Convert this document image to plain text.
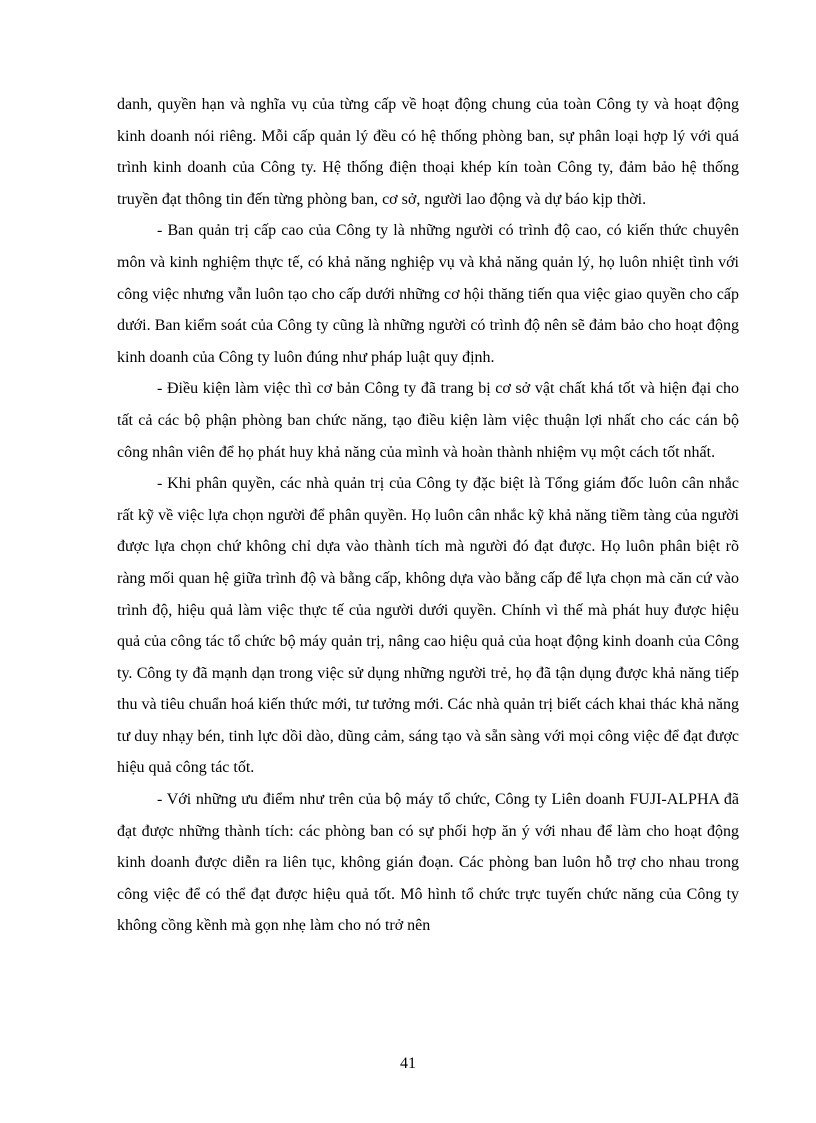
danh, quyền hạn và nghĩa vụ của từng cấp về hoạt động chung của toàn Công ty và hoạt động kinh doanh nói riêng. Mỗi cấp quản lý đều có hệ thống phòng ban, sự phân loại hợp lý với quá trình kinh doanh của Công ty. Hệ thống điện thoại khép kín toàn Công ty, đảm bảo hệ thống truyền đạt thông tin đến từng phòng ban, cơ sở, người lao động và dự báo kịp thời.

- Ban quản trị cấp cao của Công ty là những người có trình độ cao, có kiến thức chuyên môn và kinh nghiệm thực tế, có khả năng nghiệp vụ và khả năng quản lý, họ luôn nhiệt tình với công việc nhưng vẫn luôn tạo cho cấp dưới những cơ hội thăng tiến qua việc giao quyền cho cấp dưới. Ban kiểm soát của Công ty cũng là những người có trình độ nên sẽ đảm bảo cho hoạt động kinh doanh của Công ty luôn đúng như pháp luật quy định.

- Điều kiện làm việc thì cơ bản Công ty đã trang bị cơ sở vật chất khá tốt và hiện đại cho tất cả các bộ phận phòng ban chức năng, tạo điều kiện làm việc thuận lợi nhất cho các cán bộ công nhân viên để họ phát huy khả năng của mình và hoàn thành nhiệm vụ một cách tốt nhất.

- Khi phân quyền, các nhà quản trị của Công ty đặc biệt là Tổng giám đốc luôn cân nhắc rất kỹ về việc lựa chọn người để phân quyền. Họ luôn cân nhắc kỹ khả năng tiềm tàng của người được lựa chọn chứ không chỉ dựa vào thành tích mà người đó đạt được. Họ luôn phân biệt rõ ràng mối quan hệ giữa trình độ và bằng cấp, không dựa vào bằng cấp để lựa chọn mà căn cứ vào trình độ, hiệu quả làm việc thực tế của người dưới quyền. Chính vì thế mà phát huy được hiệu quả của công tác tổ chức bộ máy quản trị, nâng cao hiệu quả của hoạt động kinh doanh của Công ty. Công ty đã mạnh dạn trong việc sử dụng những người trẻ, họ đã tận dụng được khả năng tiếp thu và tiêu chuẩn hoá kiến thức mới, tư tưởng mới. Các nhà quản trị biết cách khai thác khả năng tư duy nhạy bén, tinh lực dồi dào, dũng cảm, sáng tạo và sẵn sàng với mọi công việc để đạt được hiệu quả công tác tốt.

- Với những ưu điểm như trên của bộ máy tổ chức, Công ty Liên doanh FUJI-ALPHA đã đạt được những thành tích: các phòng ban có sự phối hợp ăn ý với nhau để làm cho hoạt động kinh doanh được diễn ra liên tục, không gián đoạn. Các phòng ban luôn hỗ trợ cho nhau trong công việc để có thể đạt được hiệu quả tốt. Mô hình tổ chức trực tuyến chức năng của Công ty không cồng kềnh mà gọn nhẹ làm cho nó trở nên

41
